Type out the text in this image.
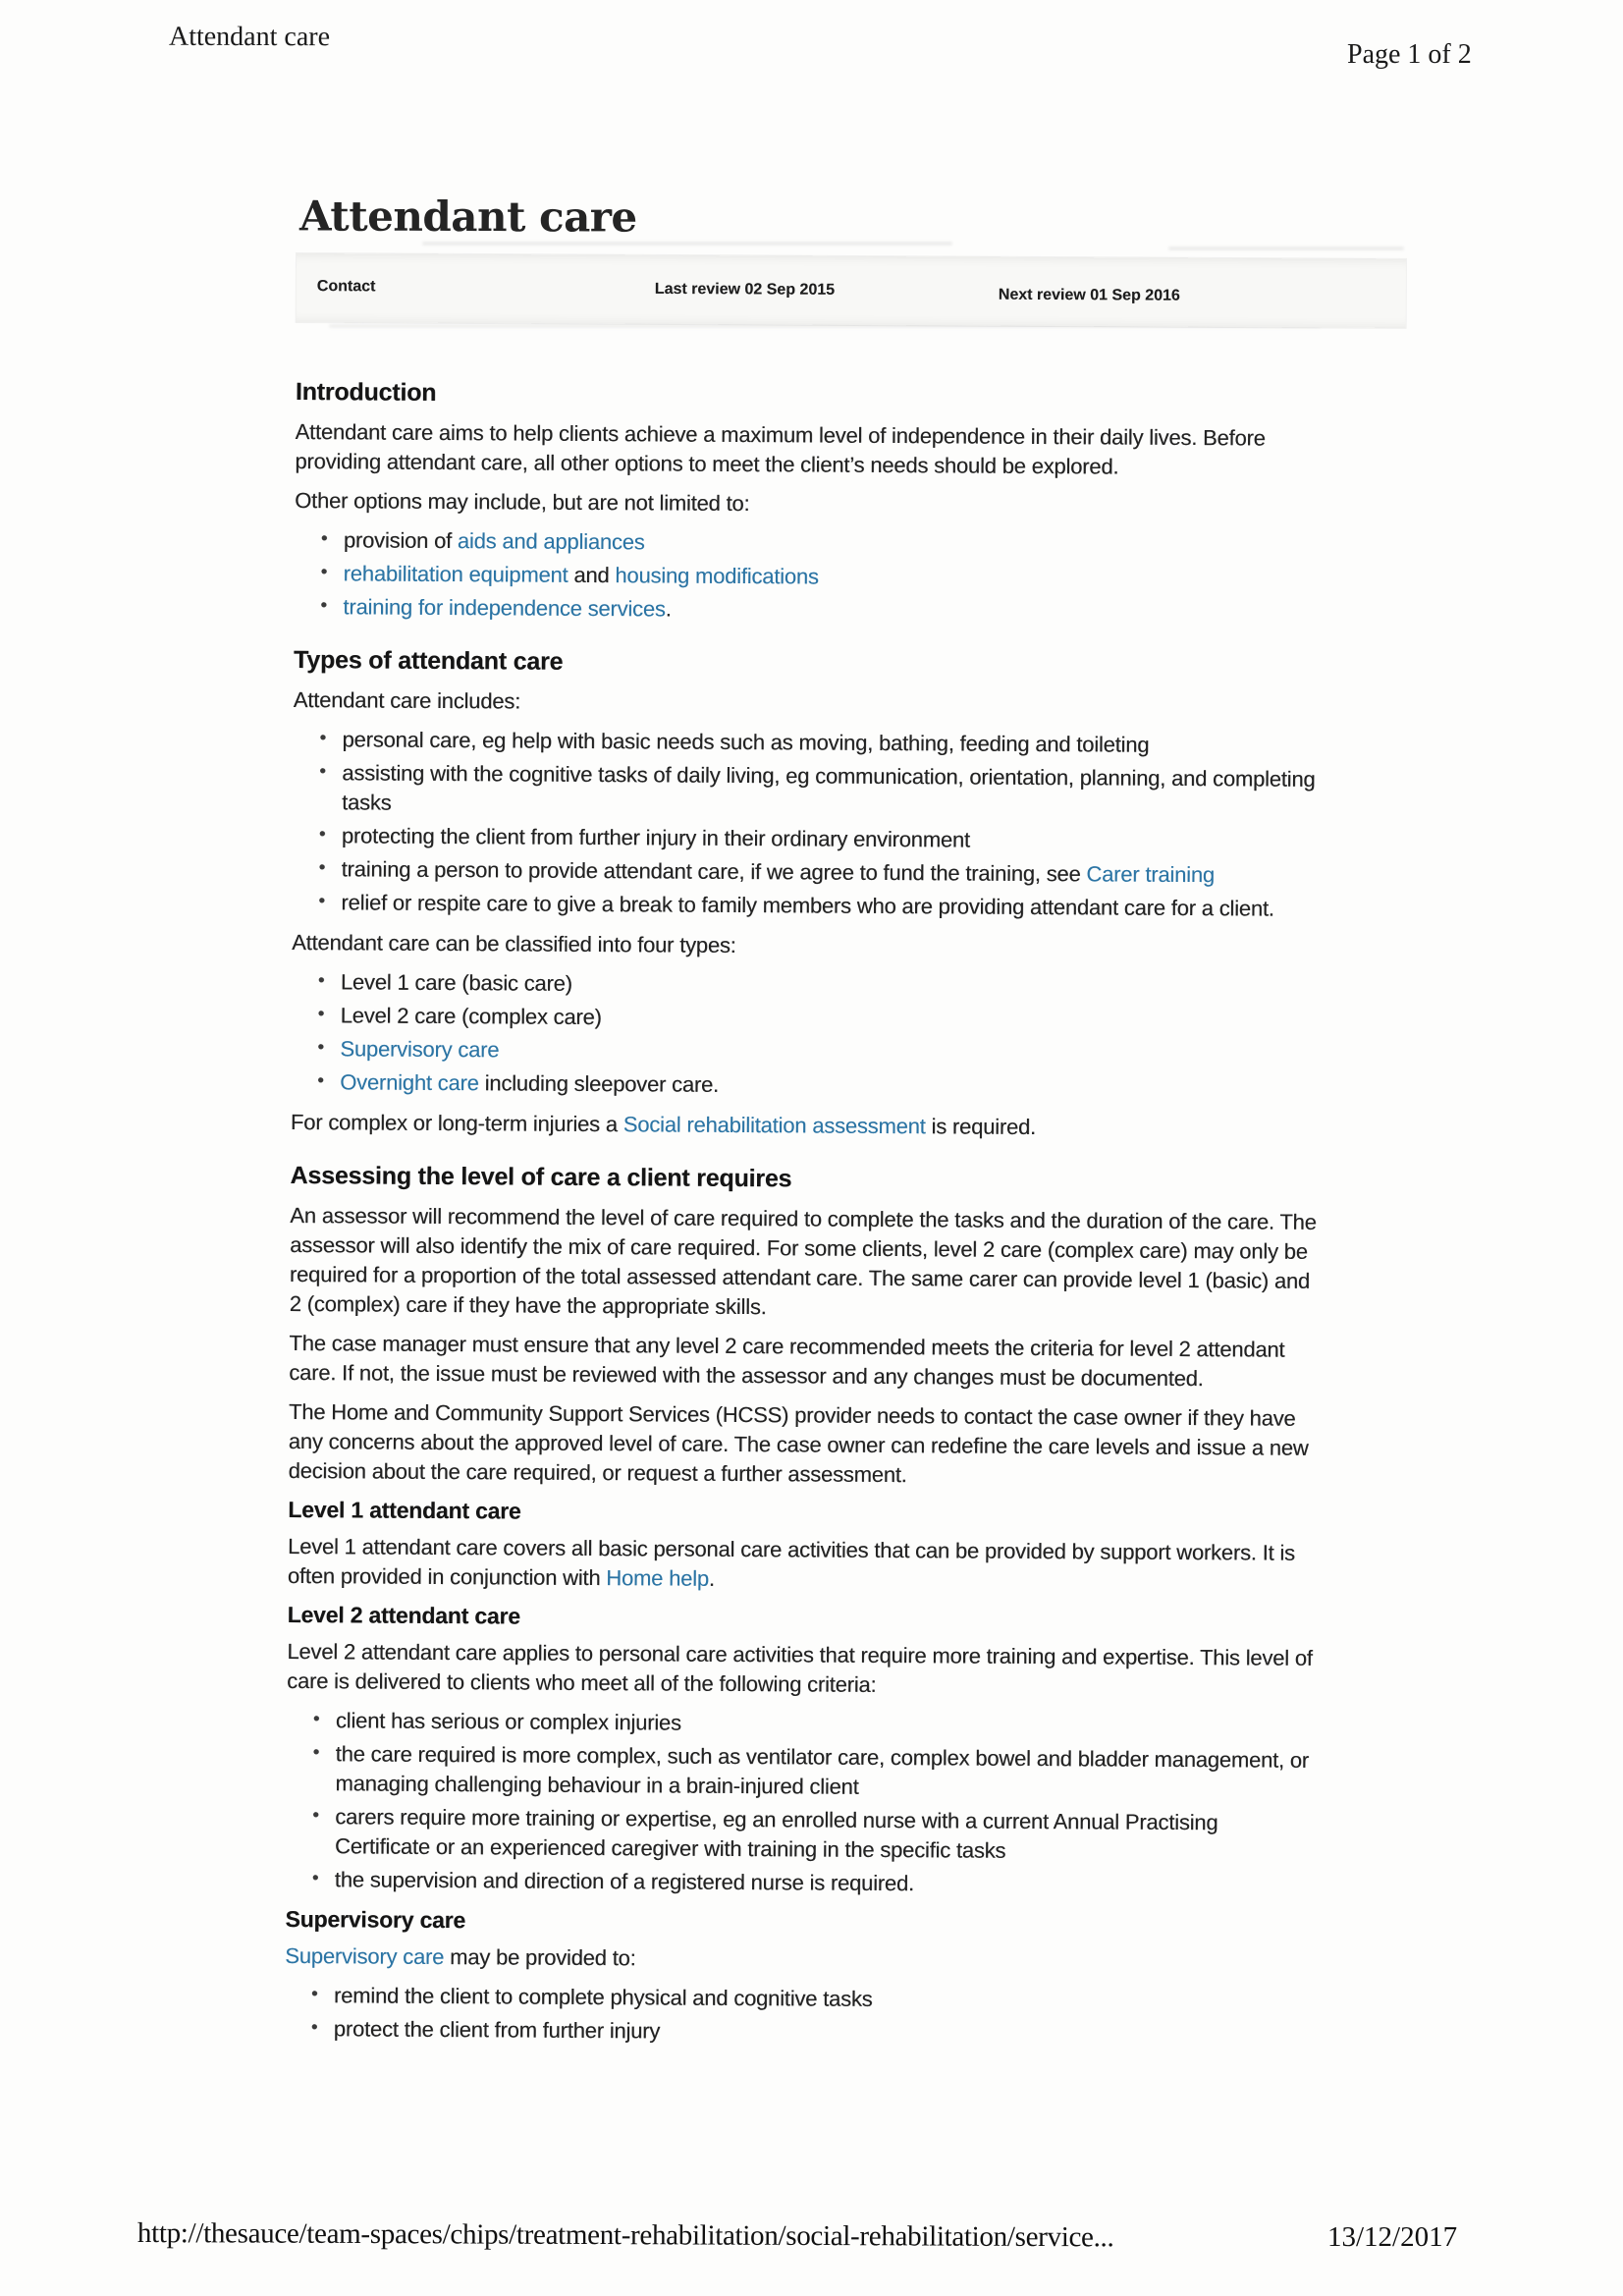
Attendant care
Page 1 of 2
Attendant care
Contact	Last review 02 Sep 2015	Next review 01 Sep 2016
Introduction

Attendant care aims to help clients achieve a maximum level of independence in their daily lives. Before providing attendant care, all other options to meet the client’s needs should be explored.

Other options may include, but are not limited to:

• provision of aids and appliances
• rehabilitation equipment and housing modifications
• training for independence services.
Types of attendant care

Attendant care includes:

• personal care, eg help with basic needs such as moving, bathing, feeding and toileting
• assisting with the cognitive tasks of daily living, eg communication, orientation, planning, and completing tasks
• protecting the client from further injury in their ordinary environment
• training a person to provide attendant care, if we agree to fund the training, see Carer training
• relief or respite care to give a break to family members who are providing attendant care for a client.

Attendant care can be classified into four types:

• Level 1 care (basic care)
• Level 2 care (complex care)
• Supervisory care
• Overnight care including sleepover care.

For complex or long-term injuries a Social rehabilitation assessment is required.

Assessing the level of care a client requires

An assessor will recommend the level of care required to complete the tasks and the duration of the care. The assessor will also identify the mix of care required. For some clients, level 2 care (complex care) may only be required for a proportion of the total assessed attendant care. The same carer can provide level 1 (basic) and 2 (complex) care if they have the appropriate skills.

The case manager must ensure that any level 2 care recommended meets the criteria for level 2 attendant care. If not, the issue must be reviewed with the assessor and any changes must be documented.

The Home and Community Support Services (HCSS) provider needs to contact the case owner if they have any concerns about the approved level of care. The case owner can redefine the care levels and issue a new decision about the care required, or request a further assessment.

Level 1 attendant care

Level 1 attendant care covers all basic personal care activities that can be provided by support workers. It is often provided in conjunction with Home help.

Level 2 attendant care

Level 2 attendant care applies to personal care activities that require more training and expertise. This level of care is delivered to clients who meet all of the following criteria:

• client has serious or complex injuries
• the care required is more complex, such as ventilator care, complex bowel and bladder management, or managing challenging behaviour in a brain-injured client
• carers require more training or expertise, eg an enrolled nurse with a current Annual Practising Certificate or an experienced caregiver with training in the specific tasks
• the supervision and direction of a registered nurse is required.
Supervisory care

Supervisory care may be provided to:

• remind the client to complete physical and cognitive tasks
• protect the client from further injury
http://thesauce/team-spaces/chips/treatment-rehabilitation/social-rehabilitation/service...	13/12/2017
